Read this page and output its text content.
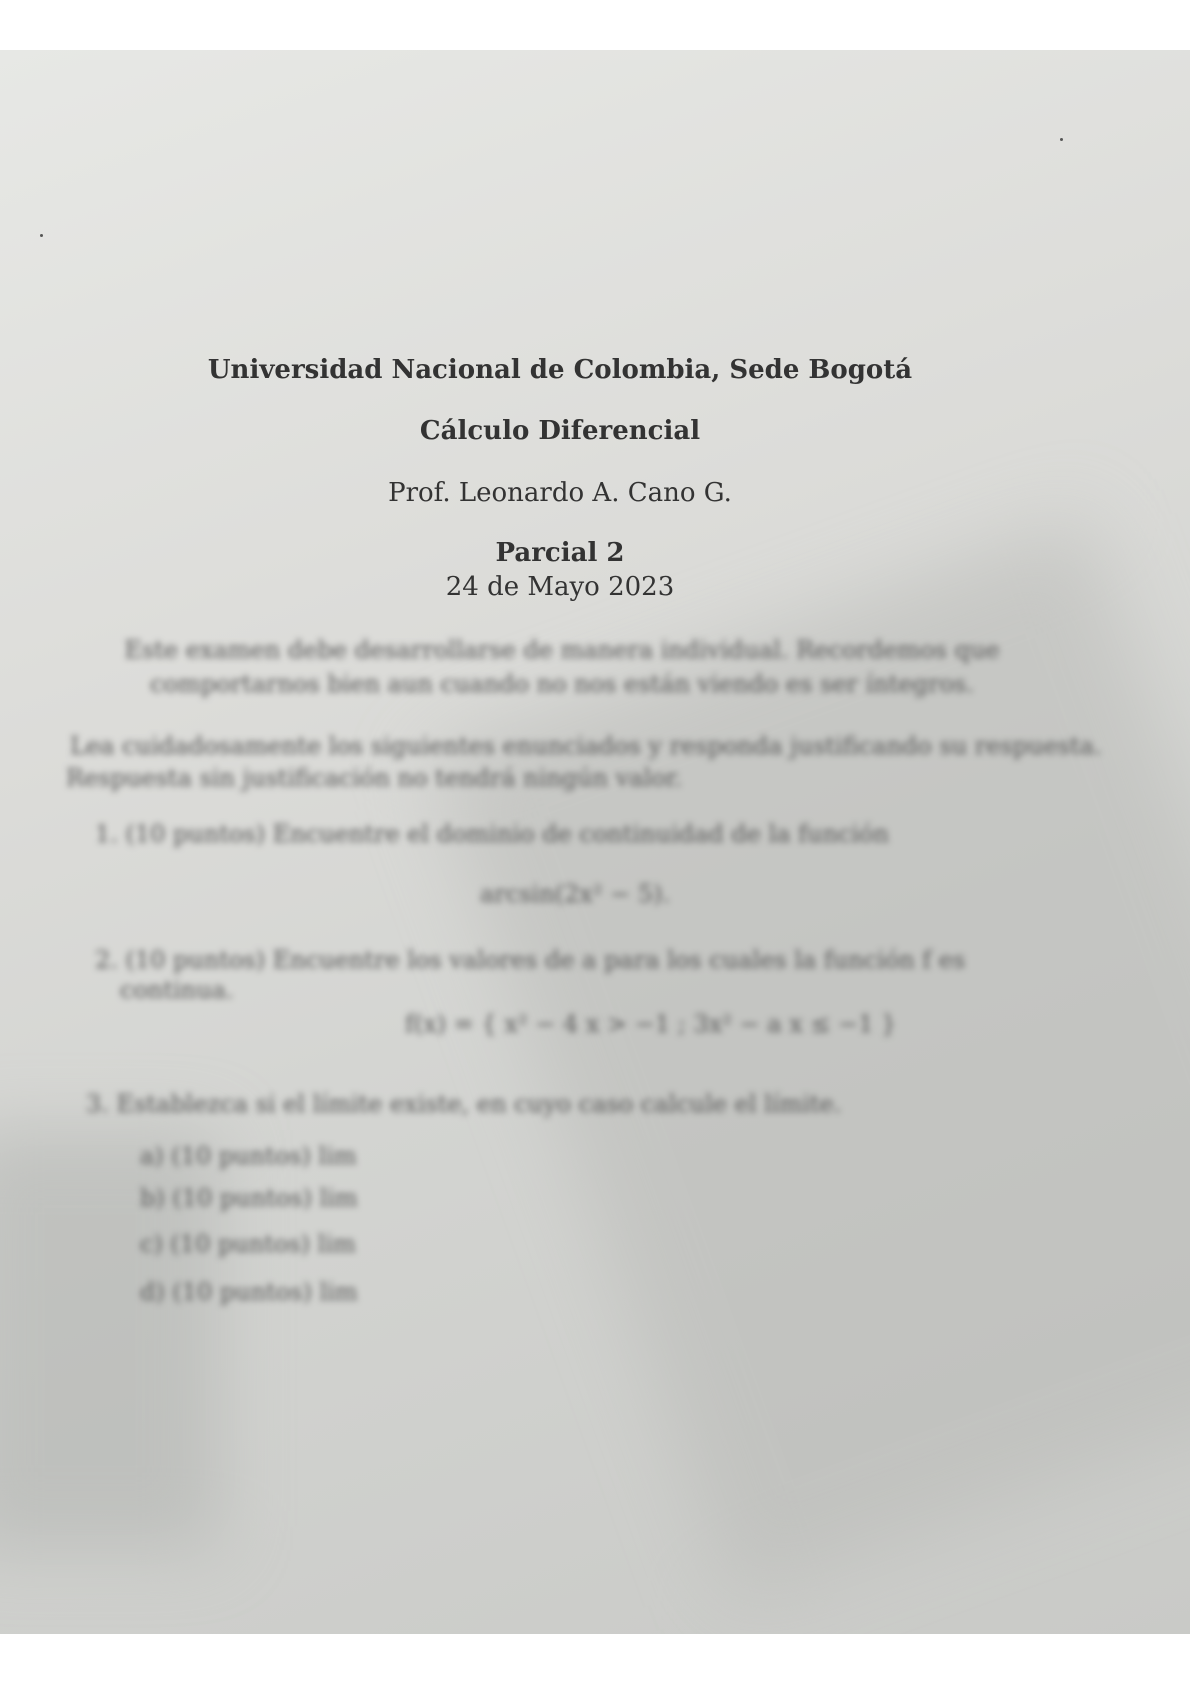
Universidad Nacional de Colombia, Sede Bogotá
Cálculo Diferencial
Prof. Leonardo A. Cano G.
Parcial 2
24 de Mayo 2023
Este examen debe desarrollarse de manera individual. Recordemos que
comportarnos bien aun cuando no nos están viendo es ser íntegros.
Lea cuidadosamente los siguientes enunciados y responda justificando su respuesta.
Respuesta sin justificación no tendrá ningún valor.
1. (10 puntos) Encuentre el dominio de continuidad de la función
arcsin(2x² − 5).
2. (10 puntos) Encuentre los valores de a para los cuales la función f es
continua.
f(x) = { x² − 4 x > −1 ; 3x² − a x ≤ −1 }
3. Establezca si el límite existe, en cuyo caso calcule el límite.
a) (10 puntos) lim
b) (10 puntos) lim
c) (10 puntos) lim
d) (10 puntos) lim
